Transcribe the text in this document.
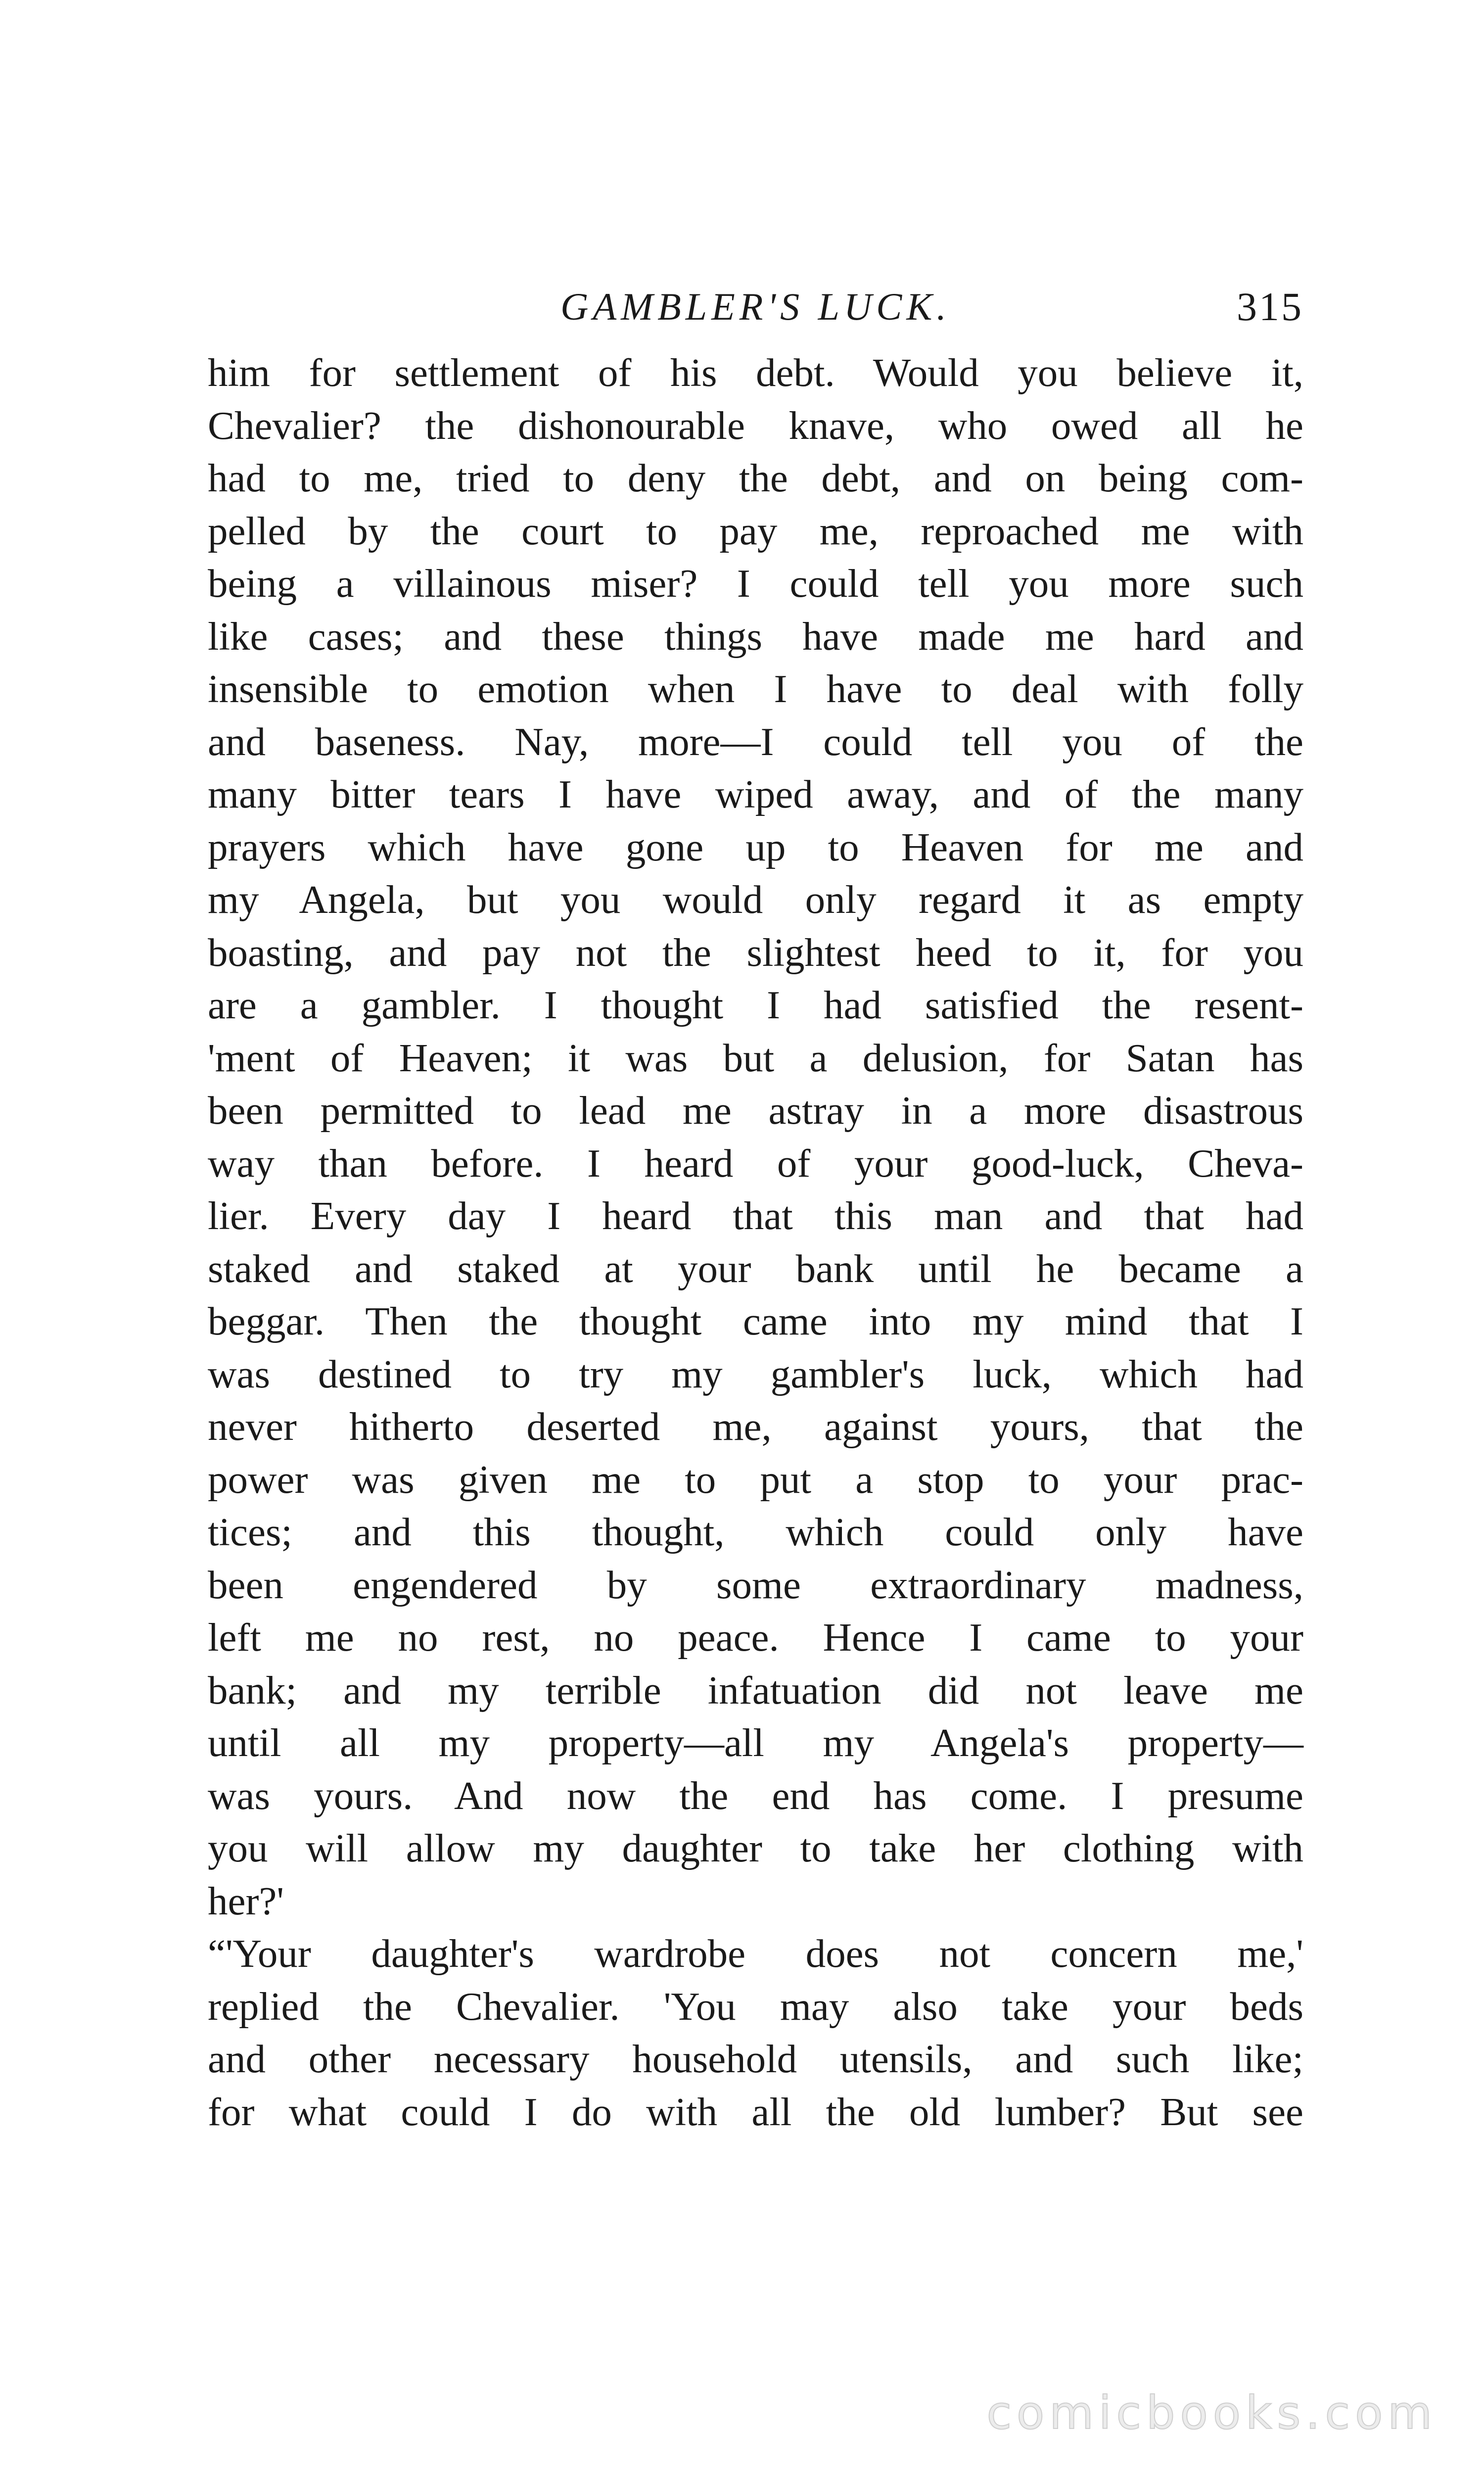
GAMBLER'S LUCK.	315
him for settlement of his debt. Would you believe it,
Chevalier? the dishonourable knave, who owed all he
had to me, tried to deny the debt, and on being com-
pelled by the court to pay me, reproached me with
being a villainous miser? I could tell you more such
like cases; and these things have made me hard and
insensible to emotion when I have to deal with folly
and baseness. Nay, more—I could tell you of the
many bitter tears I have wiped away, and of the many
prayers which have gone up to Heaven for me and
my Angela, but you would only regard it as empty
boasting, and pay not the slightest heed to it, for you
are a gambler. I thought I had satisfied the resent-
'ment of Heaven; it was but a delusion, for Satan has
been permitted to lead me astray in a more disastrous
way than before. I heard of your good-luck, Cheva-
lier. Every day I heard that this man and that had
staked and staked at your bank until he became a
beggar. Then the thought came into my mind that I
was destined to try my gambler's luck, which had
never hitherto deserted me, against yours, that the
power was given me to put a stop to your prac-
tices; and this thought, which could only have
been engendered by some extraordinary madness,
left me no rest, no peace. Hence I came to your
bank; and my terrible infatuation did not leave me
until all my property—all my Angela's property—
was yours. And now the end has come. I presume
you will allow my daughter to take her clothing with
her?'
“'Your daughter's wardrobe does not concern me,'
replied the Chevalier. 'You may also take your beds
and other necessary household utensils, and such like;
for what could I do with all the old lumber? But see
comicbooks.com
